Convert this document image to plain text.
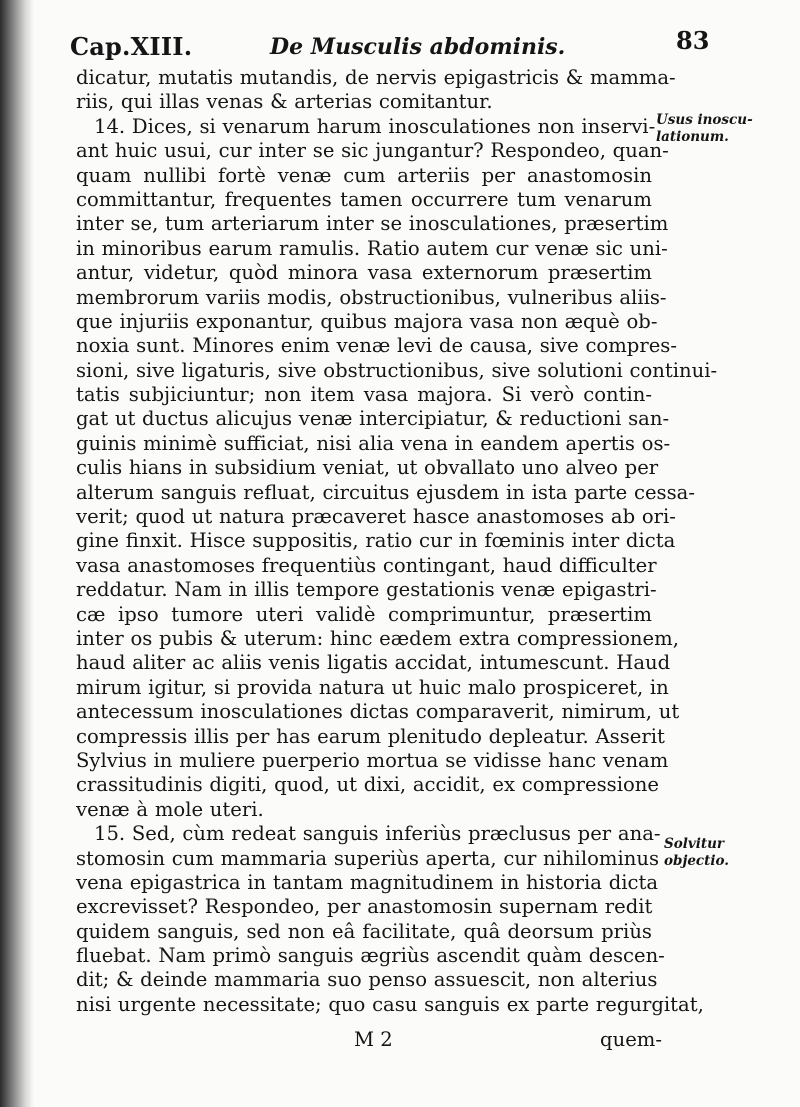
Cap.XIII.	De Musculis abdominis.	83
dicatur, mutatis mutandis, de nervis epigastricis & mamma-
riis, qui illas venas & arterias comitantur.
14. Dices, si venarum harum inosculationes non inservi-
ant huic usui, cur inter se sic jungantur? Respondeo, quan-
quam nullibi fortè venæ cum arteriis per anastomosin
committantur, frequentes tamen occurrere tum venarum
inter se, tum arteriarum inter se inosculationes, præsertim
in minoribus earum ramulis. Ratio autem cur venæ sic uni-
antur, videtur, quòd minora vasa externorum præsertim
membrorum variis modis, obstructionibus, vulneribus aliis-
que injuriis exponantur, quibus majora vasa non æquè ob-
noxia sunt. Minores enim venæ levi de causa, sive compres-
sioni, sive ligaturis, sive obstructionibus, sive solutioni continui-
tatis subjiciuntur; non item vasa majora. Si verò contin-
gat ut ductus alicujus venæ intercipiatur, & reductioni san-
guinis minimè sufficiat, nisi alia vena in eandem apertis os-
culis hians in subsidium veniat, ut obvallato uno alveo per
alterum sanguis refluat, circuitus ejusdem in ista parte cessa-
verit; quod ut natura præcaveret hasce anastomoses ab ori-
gine finxit. Hisce suppositis, ratio cur in fœminis inter dicta
vasa anastomoses frequentiùs contingant, haud difficulter
reddatur. Nam in illis tempore gestationis venæ epigastri-
cæ ipso tumore uteri validè comprimuntur, præsertim
inter os pubis & uterum: hinc eædem extra compressionem,
haud aliter ac aliis venis ligatis accidat, intumescunt. Haud
mirum igitur, si provida natura ut huic malo prospiceret, in
antecessum inosculationes dictas comparaverit, nimirum, ut
compressis illis per has earum plenitudo depleatur. Asserit
Sylvius in muliere puerperio mortua se vidisse hanc venam
crassitudinis digiti, quod, ut dixi, accidit, ex compressione
venæ à mole uteri.
15. Sed, cùm redeat sanguis inferiùs præclusus per ana-
stomosin cum mammaria superiùs aperta, cur nihilominus
vena epigastrica in tantam magnitudinem in historia dicta
excrevisset? Respondeo, per anastomosin supernam redit
quidem sanguis, sed non eâ facilitate, quâ deorsum priùs
fluebat. Nam primò sanguis ægriùs ascendit quàm descen-
dit; & deinde mammaria suo penso assuescit, non alterius
nisi urgente necessitate; quo casu sanguis ex parte regurgitat,
Usus inoscu-lationum.
Solvitur objectio.
M 2	quem-
